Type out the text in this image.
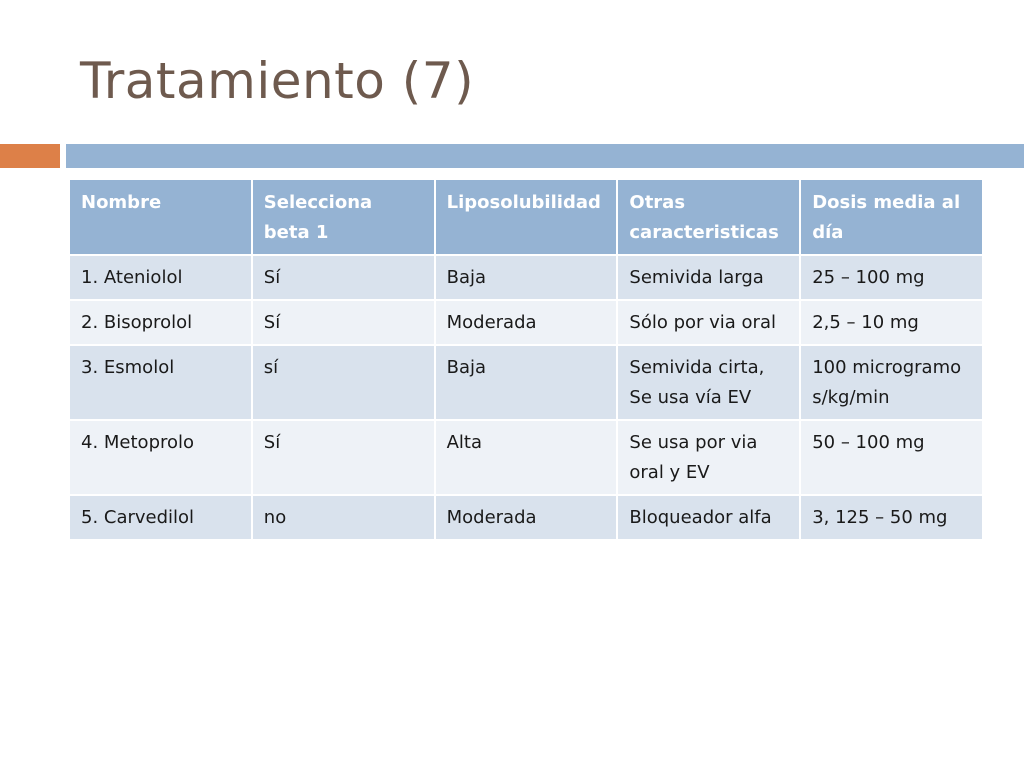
Tratamiento (7)
Nombre	Selecciona beta 1	Liposolubilidad	Otras caracteristicas	Dosis media al día
1. Ateniolol	Sí	Baja	Semivida larga	25 – 100 mg
2. Bisoprolol	Sí	Moderada	Sólo por via oral	2,5 – 10 mg
3. Esmolol	sí	Baja	Semivida cirta, Se usa vía EV	100 microgramos/kg/min
4. Metoprolo	Sí	Alta	Se usa por via oral y EV	50 – 100 mg
5. Carvedilol	no	Moderada	Bloqueador alfa	3, 125 – 50 mg
